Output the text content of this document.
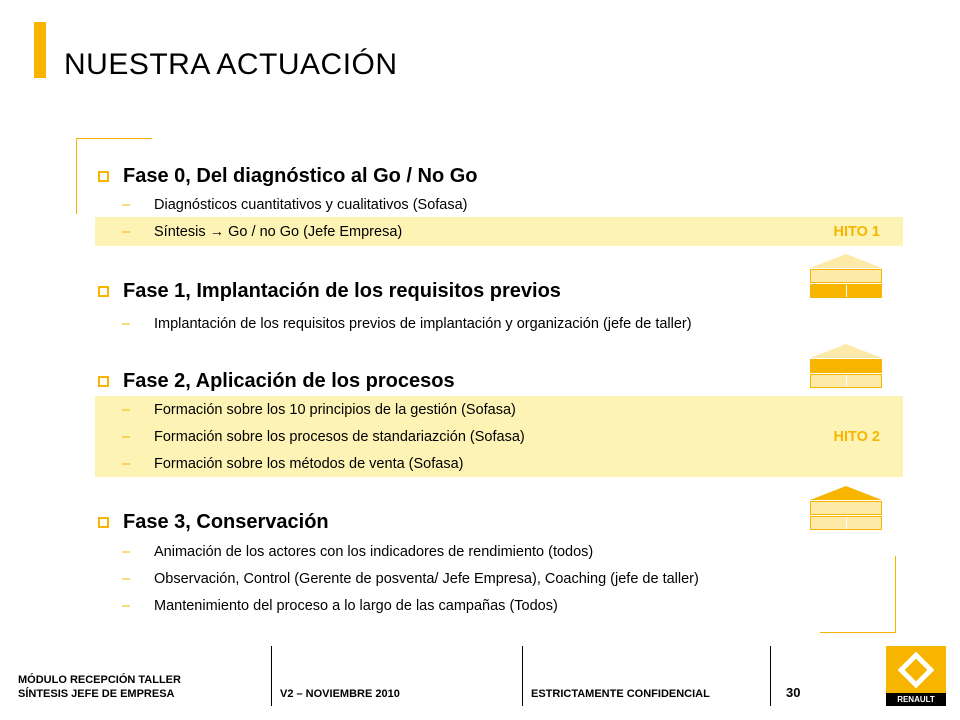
NUESTRA ACTUACIÓN
Fase 0, Del diagnóstico al Go / No Go
–	Diagnósticos cuantitativos y cualitativos (Sofasa)
–	Síntesis → Go / no Go (Jefe Empresa)	HITO 1
Fase 1, Implantación de los requisitos previos
–	Implantación de los requisitos previos de implantación y organización (jefe de taller)
Fase 2, Aplicación de los procesos
–	Formación sobre los 10 principios de la gestión (Sofasa)
–	Formación sobre los procesos de standariazción (Sofasa)	HITO 2
–	Formación sobre los métodos de venta (Sofasa)
Fase 3, Conservación
–	Animación de los actores con los indicadores de rendimiento (todos)
–	Observación, Control (Gerente de posventa/ Jefe Empresa), Coaching (jefe de taller)
–	Mantenimiento del proceso a lo largo de las campañas (Todos)
MÓDULO RECEPCIÓN TALLER
SÍNTESIS JEFE DE EMPRESA	V2 – NOVIEMBRE 2010	ESTRICTAMENTE CONFIDENCIAL	30	RENAULT
